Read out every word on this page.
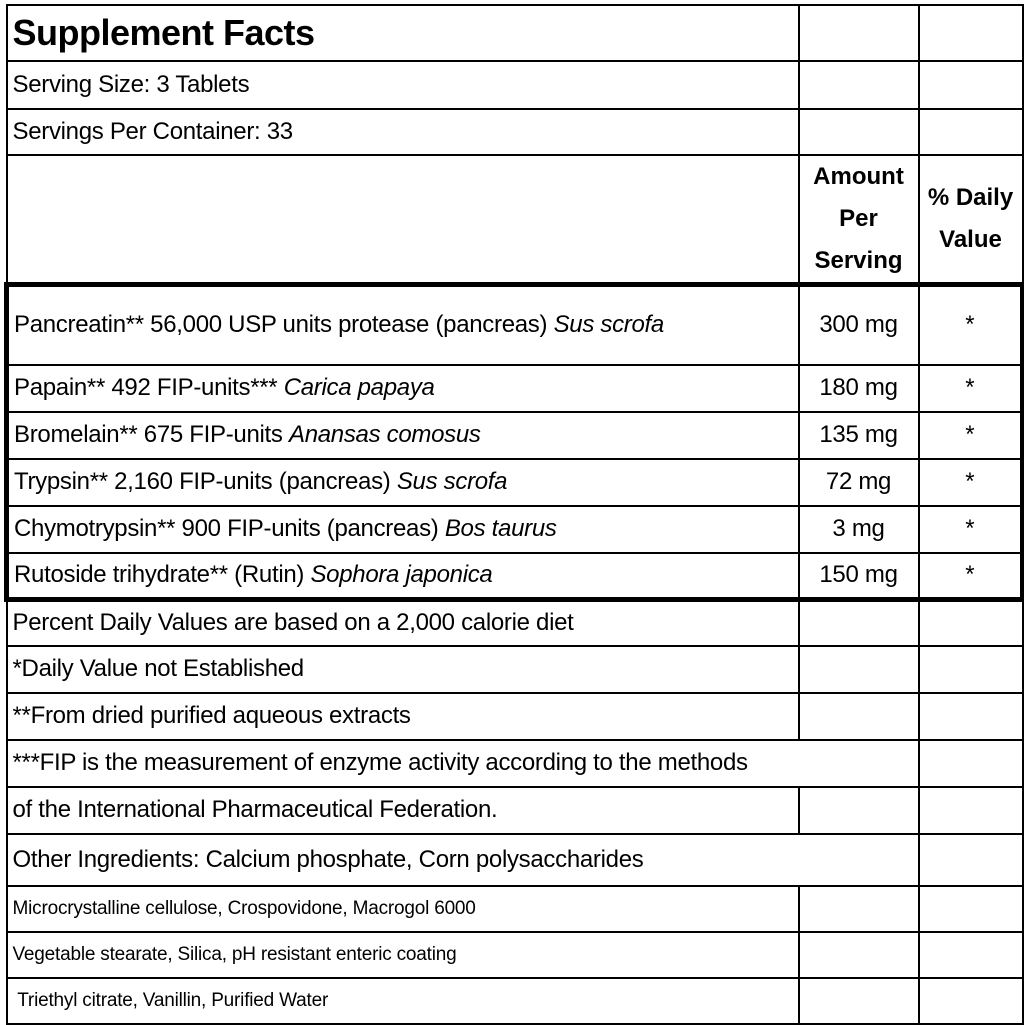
Supplement Facts		
Serving Size: 3 Tablets		
Servings Per Container: 33		

	Amount Per Serving	% Daily Value

Pancreatin** 56,000 USP units protease (pancreas) Sus scrofa	300 mg	*
Papain** 492 FIP-units*** Carica papaya	180 mg	*
Bromelain** 675 FIP-units Anansas comosus	135 mg	*
Trypsin** 2,160 FIP-units (pancreas) Sus scrofa	72 mg	*
Chymotrypsin** 900 FIP-units (pancreas) Bos taurus	3 mg	*
Rutoside trihydrate** (Rutin) Sophora japonica	150 mg	*
Percent Daily Values are based on a 2,000 calorie diet		
*Daily Value not Established		
**From dried purified aqueous extracts		
***FIP is the measurement of enzyme activity according to the methods		
of the International Pharmaceutical Federation.		
Other Ingredients: Calcium phosphate, Corn polysaccharides		
Microcrystalline cellulose, Crospovidone, Macrogol 6000		
Vegetable stearate, Silica, pH resistant enteric coating		
Triethyl citrate, Vanillin, Purified Water		
